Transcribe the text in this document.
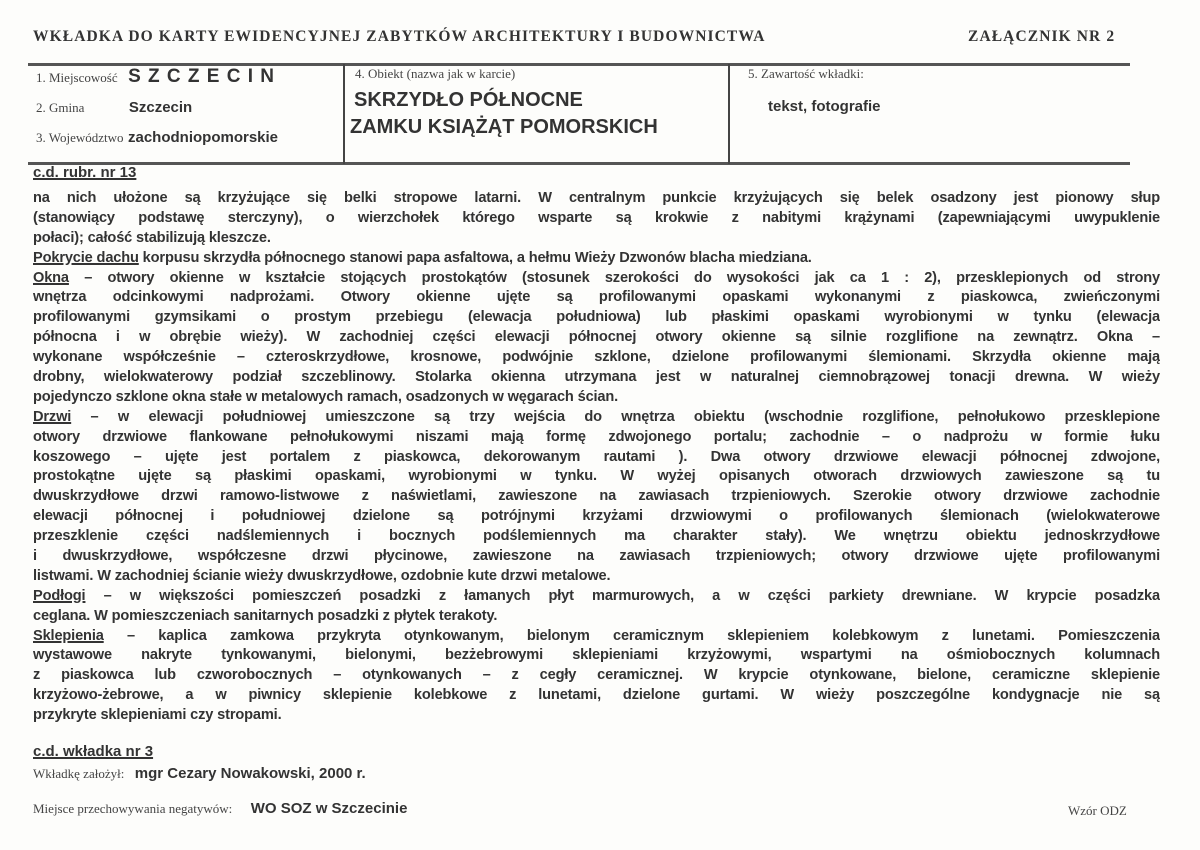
WKŁADKA DO KARTY EWIDENCYJNEJ ZABYTKÓW ARCHITEKTURY I BUDOWNICTWA	ZAŁĄCZNIK NR 2
1. Miejscowość S Z C Z E C I N
2. Gmina	Szczecin
3. Województwo zachodniopomorskie
4. Obiekt (nazwa jak w karcie)
SKRZYDŁO PÓŁNOCNE
ZAMKU KSIĄŻĄT POMORSKICH
5. Zawartość wkładki:
tekst, fotografie
c.d. rubr. nr 13
na nich ułożone są krzyżujące się belki stropowe latarni. W centralnym punkcie krzyżujących się belek osadzony jest pionowy słup
(stanowiący podstawę sterczyny), o wierzchołek którego wsparte są krokwie z nabitymi krążynami (zapewniającymi uwypuklenie
połaci); całość stabilizują kleszcze.
Pokrycie dachu korpusu skrzydła północnego stanowi papa asfaltowa, a hełmu Wieży Dzwonów blacha miedziana.
Okna – otwory okienne w kształcie stojących prostokątów (stosunek szerokości do wysokości jak ca 1 : 2), przesklepionych od strony
wnętrza odcinkowymi nadprożami. Otwory okienne ujęte są profilowanymi opaskami wykonanymi z piaskowca, zwieńczonymi
profilowanymi gzymsikami o prostym przebiegu (elewacja południowa) lub płaskimi opaskami wyrobionymi w tynku (elewacja
północna i w obrębie wieży). W zachodniej części elewacji północnej otwory okienne są silnie rozglifione na zewnątrz. Okna –
wykonane współcześnie – czteroskrzydłowe, krosnowe, podwójnie szklone, dzielone profilowanymi ślemionami. Skrzydła okienne mają
drobny, wielokwaterowy podział szczeblinowy. Stolarka okienna utrzymana jest w naturalnej ciemnobrązowej tonacji drewna. W wieży
pojedynczo szklone okna stałe w metalowych ramach, osadzonych w węgarach ścian.
Drzwi – w elewacji południowej umieszczone są trzy wejścia do wnętrza obiektu (wschodnie rozglifione, pełnołukowo przesklepione
otwory drzwiowe flankowane pełnołukowymi niszami mają formę zdwojonego portalu; zachodnie – o nadprożu w formie łuku
koszowego – ujęte jest portalem z piaskowca, dekorowanym rautami ). Dwa otwory drzwiowe elewacji północnej zdwojone,
prostokątne ujęte są płaskimi opaskami, wyrobionymi w tynku. W wyżej opisanych otworach drzwiowych zawieszone są tu
dwuskrzydłowe drzwi ramowo-listwowe z naświetlami, zawieszone na zawiasach trzpieniowych. Szerokie otwory drzwiowe zachodnie
elewacji północnej i południowej dzielone są potrójnymi krzyżami drzwiowymi o profilowanych ślemionach (wielokwaterowe
przeszklenie części nadślemiennych i bocznych podślemiennych ma charakter stały). We wnętrzu obiektu jednoskrzydłowe
i dwuskrzydłowe, współczesne drzwi płycinowe, zawieszone na zawiasach trzpieniowych; otwory drzwiowe ujęte profilowanymi
listwami. W zachodniej ścianie wieży dwuskrzydłowe, ozdobnie kute drzwi metalowe.
Podłogi – w większości pomieszczeń posadzki z łamanych płyt marmurowych, a w części parkiety drewniane. W krypcie posadzka
ceglana. W pomieszczeniach sanitarnych posadzki z płytek terakoty.
Sklepienia – kaplica zamkowa przykryta otynkowanym, bielonym ceramicznym sklepieniem kolebkowym z lunetami. Pomieszczenia
wystawowe nakryte tynkowanymi, bielonymi, bezżebrowymi sklepieniami krzyżowymi, wspartymi na ośmiobocznych kolumnach
z piaskowca lub czworobocznych – otynkowanych – z cegły ceramicznej. W krypcie otynkowane, bielone, ceramiczne sklepienie
krzyżowo-żebrowe, a w piwnicy sklepienie kolebkowe z lunetami, dzielone gurtami. W wieży poszczególne kondygnacje nie są
przykryte sklepieniami czy stropami.
c.d. wkładka nr 3
Wkładkę założył: mgr Cezary Nowakowski, 2000 r.
Miejsce przechowywania negatywów: WO SOZ w Szczecinie	Wzór ODZ
